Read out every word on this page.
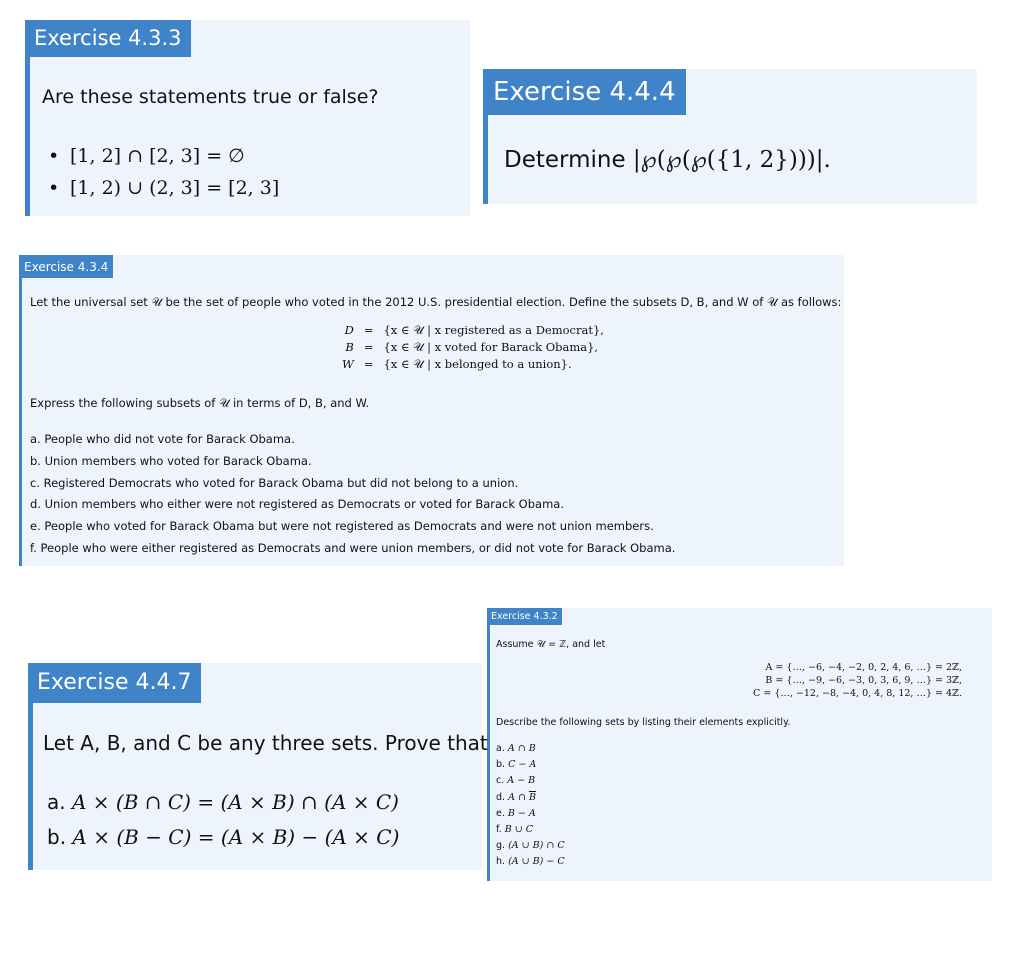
Exercise 4.3.3
Are these statements true or false?
• [1, 2] ∩ [2, 3] = ∅
• [1, 2) ∪ (2, 3] = [2, 3]
Exercise 4.4.4
Determine |℘(℘(℘({1, 2})))|.
Exercise 4.3.4
Let the universal set 𝒰 be the set of people who voted in the 2012 U.S. presidential election. Define the subsets D, B, and W of 𝒰 as follows:
D = {x ∈ 𝒰 | x registered as a Democrat},
B = {x ∈ 𝒰 | x voted for Barack Obama},
W = {x ∈ 𝒰 | x belonged to a union}.
Express the following subsets of 𝒰 in terms of D, B, and W.
a. People who did not vote for Barack Obama.
b. Union members who voted for Barack Obama.
c. Registered Democrats who voted for Barack Obama but did not belong to a union.
d. Union members who either were not registered as Democrats or voted for Barack Obama.
e. People who voted for Barack Obama but were not registered as Democrats and were not union members.
f. People who were either registered as Democrats and were union members, or did not vote for Barack Obama.
Exercise 4.3.2
Assume 𝒰 = ℤ, and let
A = {…, −6, −4, −2, 0, 2, 4, 6, …} = 2ℤ,
B = {…, −9, −6, −3, 0, 3, 6, 9, …} = 3ℤ,
C = {…, −12, −8, −4, 0, 4, 8, 12, …} = 4ℤ.
Describe the following sets by listing their elements explicitly.
a. A ∩ B
b. C − A
c. A − B
d. A ∩ $\overline{B}$
e. B − A
f. B ∪ C
g. (A ∪ B) ∩ C
h. (A ∪ B) − C
Exercise 4.4.7
Let A, B, and C be any three sets. Prove that
a. A × (B ∩ C) = (A × B) ∩ (A × C)
b. A × (B − C) = (A × B) − (A × C)
